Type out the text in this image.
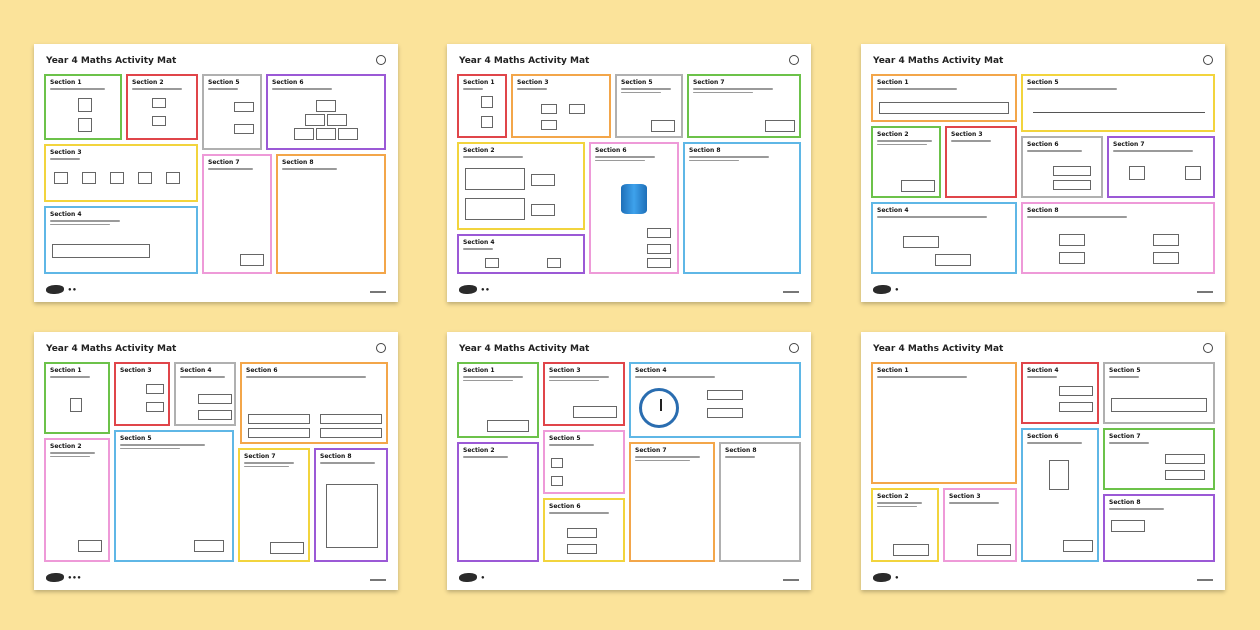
Year 4 Maths Activity Mat
Section 1	Section 2	Section 5	Section 6
Section 3
Section 7	Section 8
Section 4
●●
Year 4 Maths Activity Mat
Section 1	Section 3	Section 5	Section 7
Section 2	Section 6	Section 8
Section 4
●●
Year 4 Maths Activity Mat
Section 1	Section 5
Section 2	Section 3
Section 6	Section 7
Section 4	Section 8
●
Year 4 Maths Activity Mat
Section 1	Section 3	Section 4	Section 6
Section 2
Section 5
Section 7	Section 8
●●●
Year 4 Maths Activity Mat
Section 1	Section 3	Section 4
Section 2
Section 5
Section 6
Section 7	Section 8
●
Year 4 Maths Activity Mat
Section 1	Section 4	Section 5
Section 6	Section 7
Section 2	Section 3
Section 8
●
